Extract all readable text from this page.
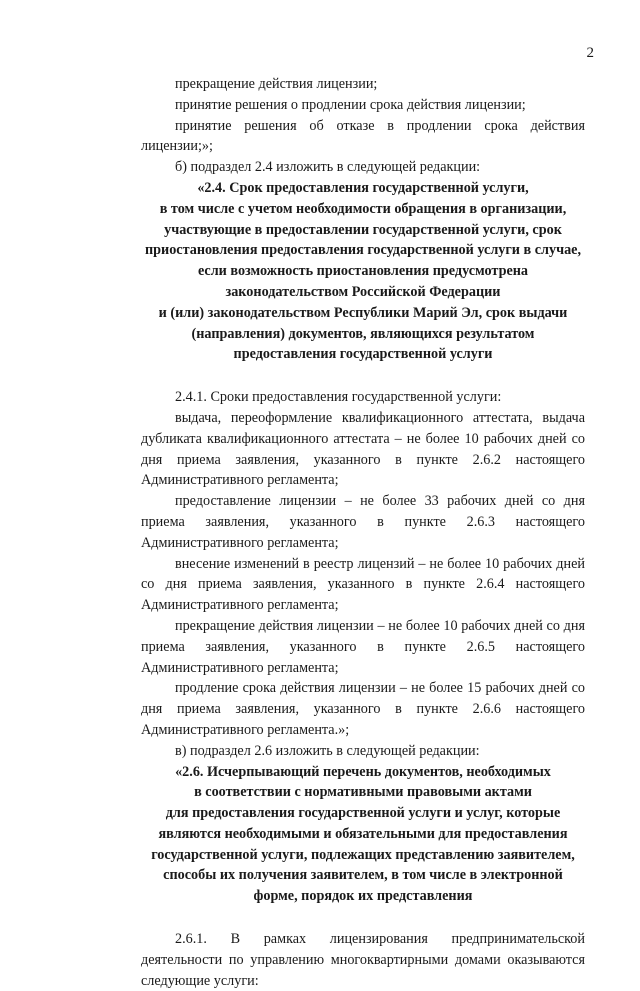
2

прекращение действия лицензии;

принятие решения о продлении срока действия лицензии;

принятие решения об отказе в продлении срока действия лицензии;»;

б) подраздел 2.4 изложить в следующей редакции:

«2.4. Срок предоставления государственной услуги,
в том числе с учетом необходимости обращения в организации,
участвующие в предоставлении государственной услуги, срок
приостановления предоставления государственной услуги в случае,
если возможность приостановления предусмотрена
законодательством Российской Федерации
и (или) законодательством Республики Марий Эл, срок выдачи
(направления) документов, являющихся результатом
предоставления государственной услуги

2.4.1. Сроки предоставления государственной услуги:

выдача, переоформление квалификационного аттестата, выдача дубликата квалификационного аттестата – не более 10 рабочих дней со дня приема заявления, указанного в пункте 2.6.2 настоящего Административного регламента;

предоставление лицензии – не более 33 рабочих дней со дня приема заявления, указанного в пункте 2.6.3 настоящего Административного регламента;

внесение изменений в реестр лицензий – не более 10 рабочих дней со дня приема заявления, указанного в пункте 2.6.4 настоящего Административного регламента;

прекращение действия лицензии – не более 10 рабочих дней со дня приема заявления, указанного в пункте 2.6.5 настоящего Административного регламента;

продление срока действия лицензии – не более 15 рабочих дней со дня приема заявления, указанного в пункте 2.6.6 настоящего Административного регламента.»;

в) подраздел 2.6 изложить в следующей редакции:

«2.6. Исчерпывающий перечень документов, необходимых
в соответствии с нормативными правовыми актами
для предоставления государственной услуги и услуг, которые
являются необходимыми и обязательными для предоставления
государственной услуги, подлежащих представлению заявителем,
способы их получения заявителем, в том числе в электронной
форме, порядок их представления

2.6.1. В рамках лицензирования предпринимательской деятельности по управлению многоквартирными домами оказываются следующие услуги:
